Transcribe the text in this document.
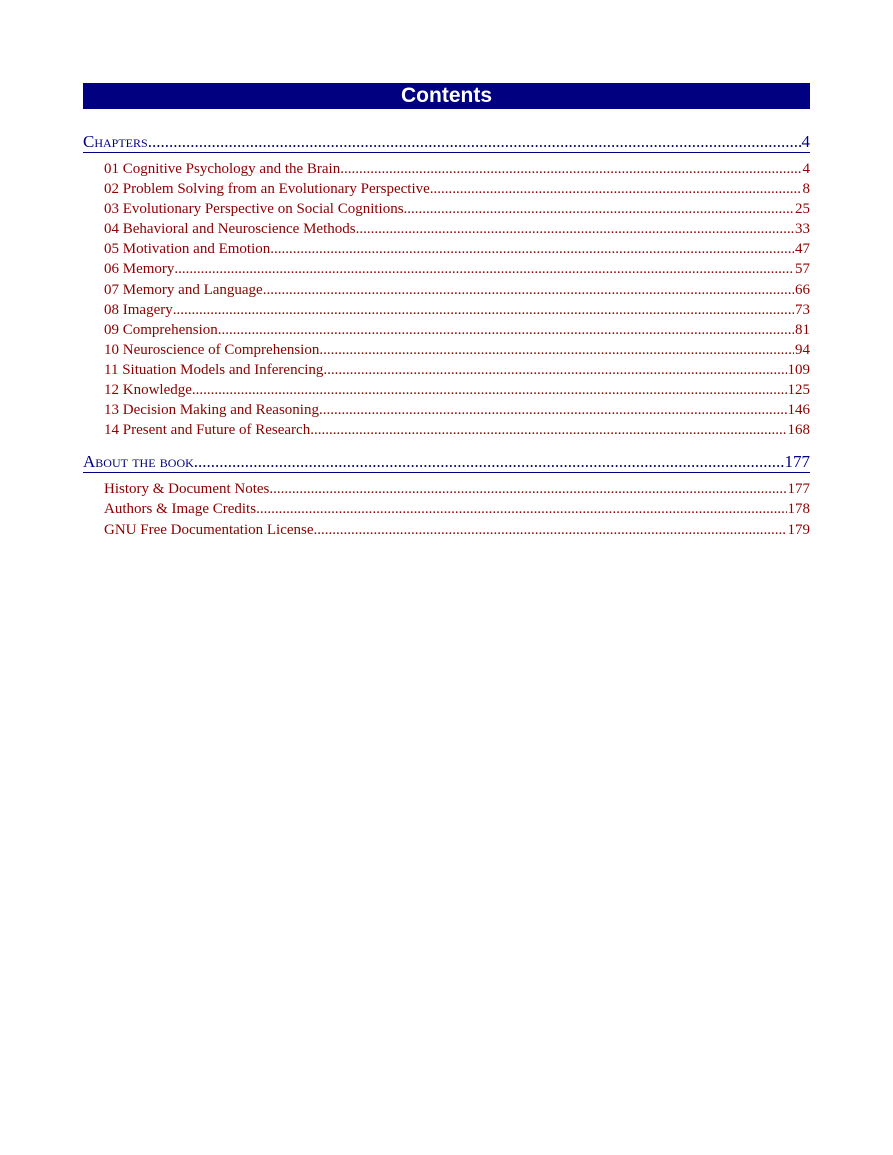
Contents
Chapters .....	4
01 Cognitive Psychology and the Brain .....	4
02 Problem Solving from an Evolutionary Perspective .....	8
03 Evolutionary Perspective on Social Cognitions .....	25
04 Behavioral and Neuroscience Methods .....	33
05 Motivation and Emotion .....	47
06 Memory .....	57
07 Memory and Language .....	66
08 Imagery .....	73
09 Comprehension .....	81
10 Neuroscience of Comprehension .....	94
11 Situation Models and Inferencing .....	109
12 Knowledge .....	125
13 Decision Making and Reasoning .....	146
14 Present and Future of Research .....	168
About the book .....	177
History & Document Notes .....	177
Authors & Image Credits .....	178
GNU Free Documentation License .....	179
